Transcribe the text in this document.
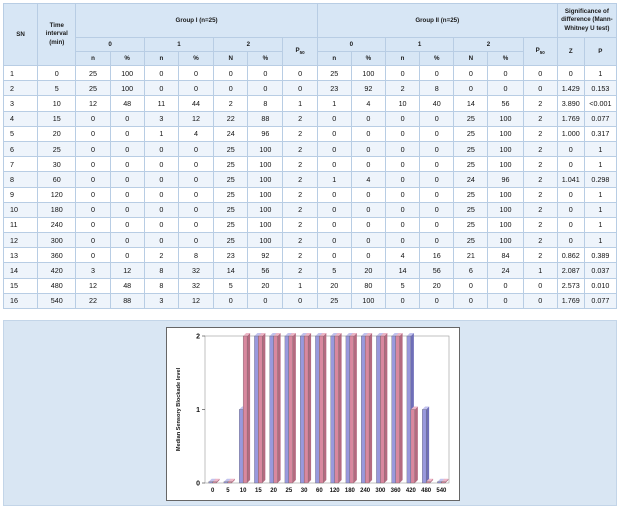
SN	Time interval (min)	Group I (n=25)							Group II (n=25)							Significance of difference (Mann-Whitney U test)	
		0		1		2		$P_{50}$	0		1		2		$P_{50}$	Z	P
		n	%	n	%	N	%		n	%	n	%	N	%			
1	0	25	100	0	0	0	0	0	25	100	0	0	0	0	0	0	1
2	5	25	100	0	0	0	0	0	23	92	2	8	0	0	0	1.429	0.153
3	10	12	48	11	44	2	8	1	1	4	10	40	14	56	2	3.890	<0.001
4	15	0	0	3	12	22	88	2	0	0	0	0	25	100	2	1.769	0.077
5	20	0	0	1	4	24	96	2	0	0	0	0	25	100	2	1.000	0.317
6	25	0	0	0	0	25	100	2	0	0	0	0	25	100	2	0	1
7	30	0	0	0	0	25	100	2	0	0	0	0	25	100	2	0	1
8	60	0	0	0	0	25	100	2	1	4	0	0	24	96	2	1.041	0.298
9	120	0	0	0	0	25	100	2	0	0	0	0	25	100	2	0	1
10	180	0	0	0	0	25	100	2	0	0	0	0	25	100	2	0	1
11	240	0	0	0	0	25	100	2	0	0	0	0	25	100	2	0	1
12	300	0	0	0	0	25	100	2	0	0	0	0	25	100	2	0	1
13	360	0	0	2	8	23	92	2	0	0	4	16	21	84	2	0.862	0.389
14	420	3	12	8	32	14	56	2	5	20	14	56	6	24	1	2.087	0.037
15	480	12	48	8	32	5	20	1	20	80	5	20	0	0	0	2.573	0.010
16	540	22	88	3	12	0	0	0	25	100	0	0	0	0	0	1.769	0.077
0
1
2
0 5 10 15 20 25 30 60 120 180 240 300 360 420 480 540
Median Sensory Blockade level
